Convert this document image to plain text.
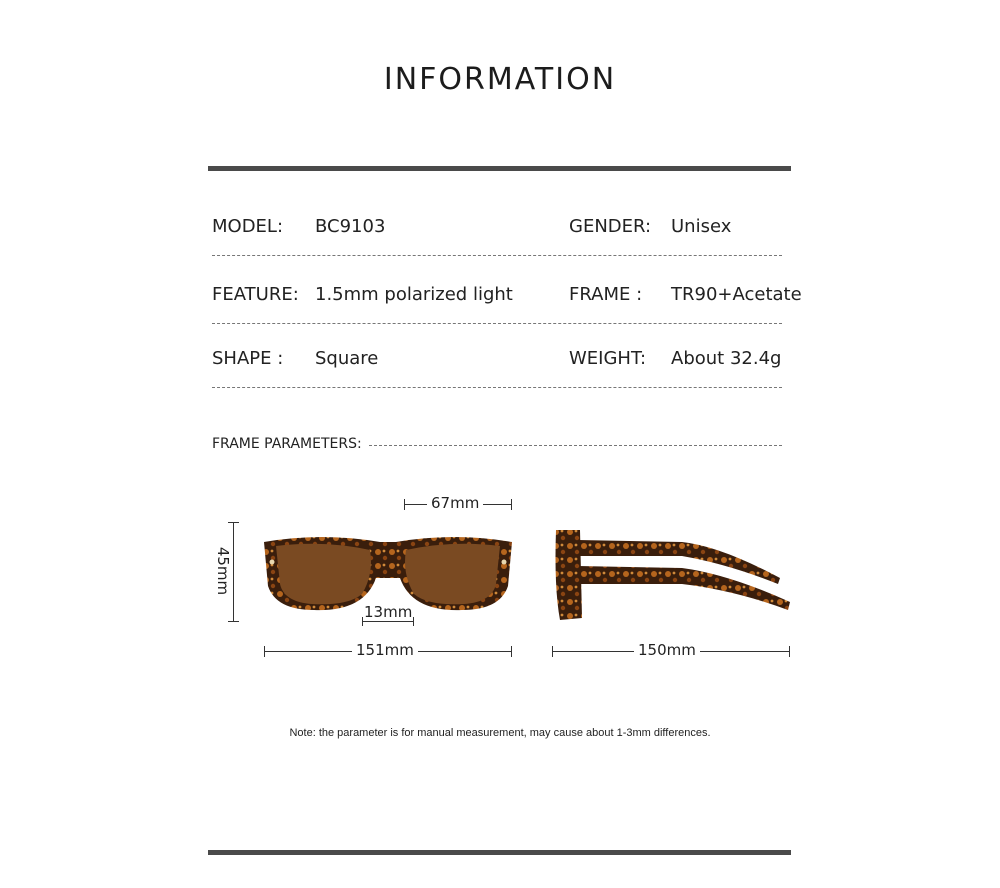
INFORMATION
MODEL: BC9103	GENDER: Unisex
FEATURE: 1.5mm polarized light	FRAME : TR90+Acetate
SHAPE : Square	WEIGHT: About 32.4g
FRAME PARAMETERS:
67mm
45mm
13mm
151mm	150mm
Note: the parameter is for manual measurement, may cause about 1-3mm differences.
